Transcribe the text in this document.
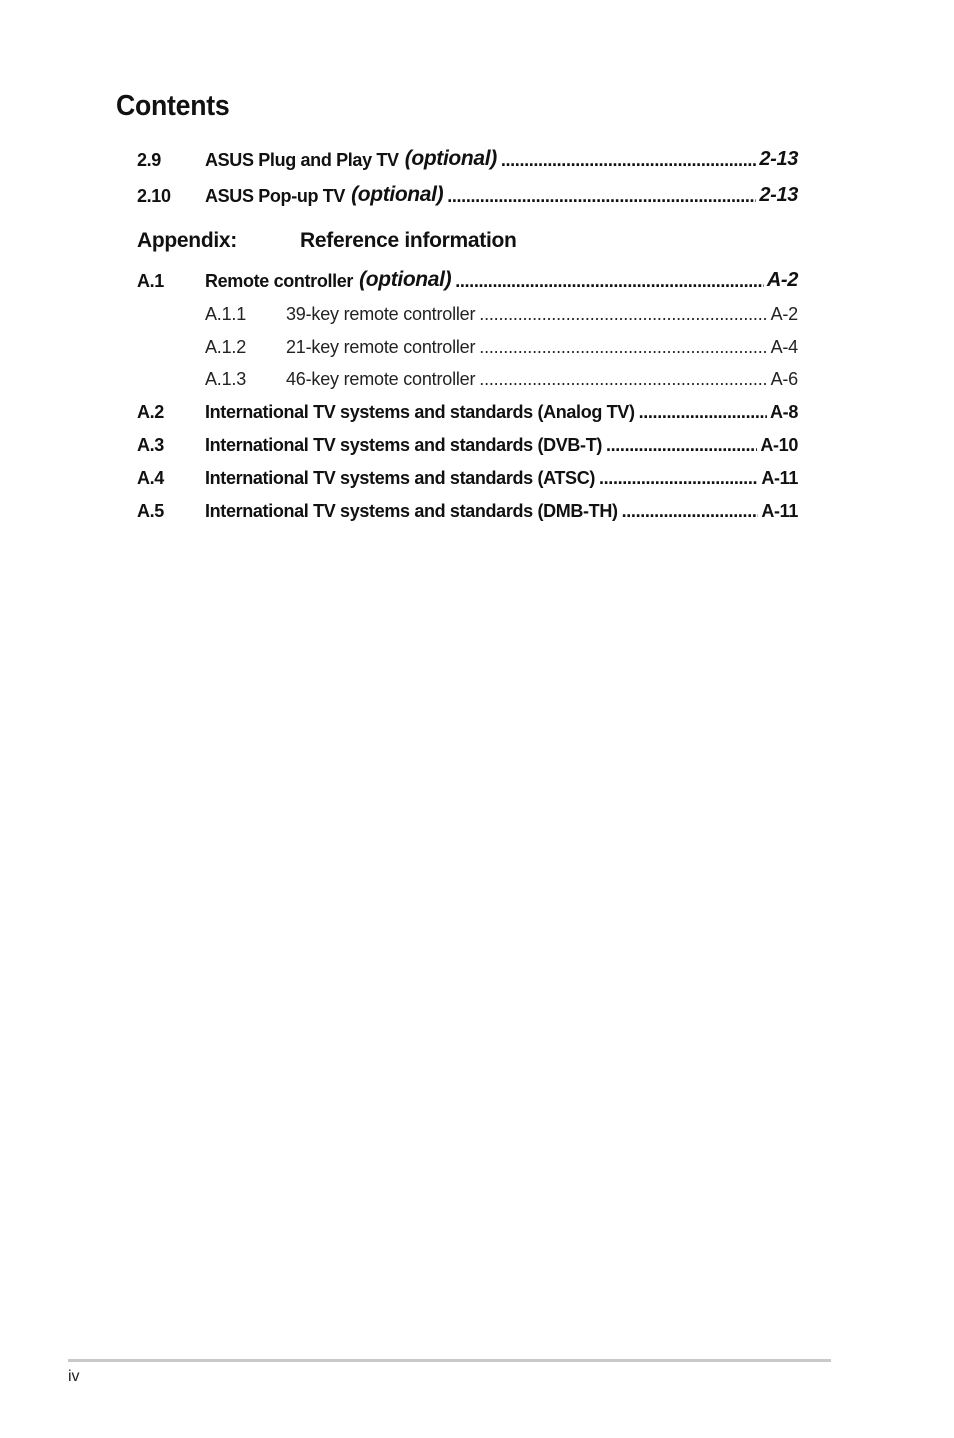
Contents
2.9	ASUS Plug and Play TV (optional) .....	2-13
2.10	ASUS Pop-up TV (optional) .....	2-13
Appendix:	Reference information
A.1	Remote controller (optional) .....	A-2
A.1.1	39-key remote controller .....	A-2
A.1.2	21-key remote controller .....	A-4
A.1.3	46-key remote controller .....	A-6
A.2	International TV systems and standards (Analog TV) .....	A-8
A.3	International TV systems and standards (DVB-T) .....	A-10
A.4	International TV systems and standards (ATSC) .....	A-11
A.5	International TV systems and standards (DMB-TH) .....	A-11
iv
